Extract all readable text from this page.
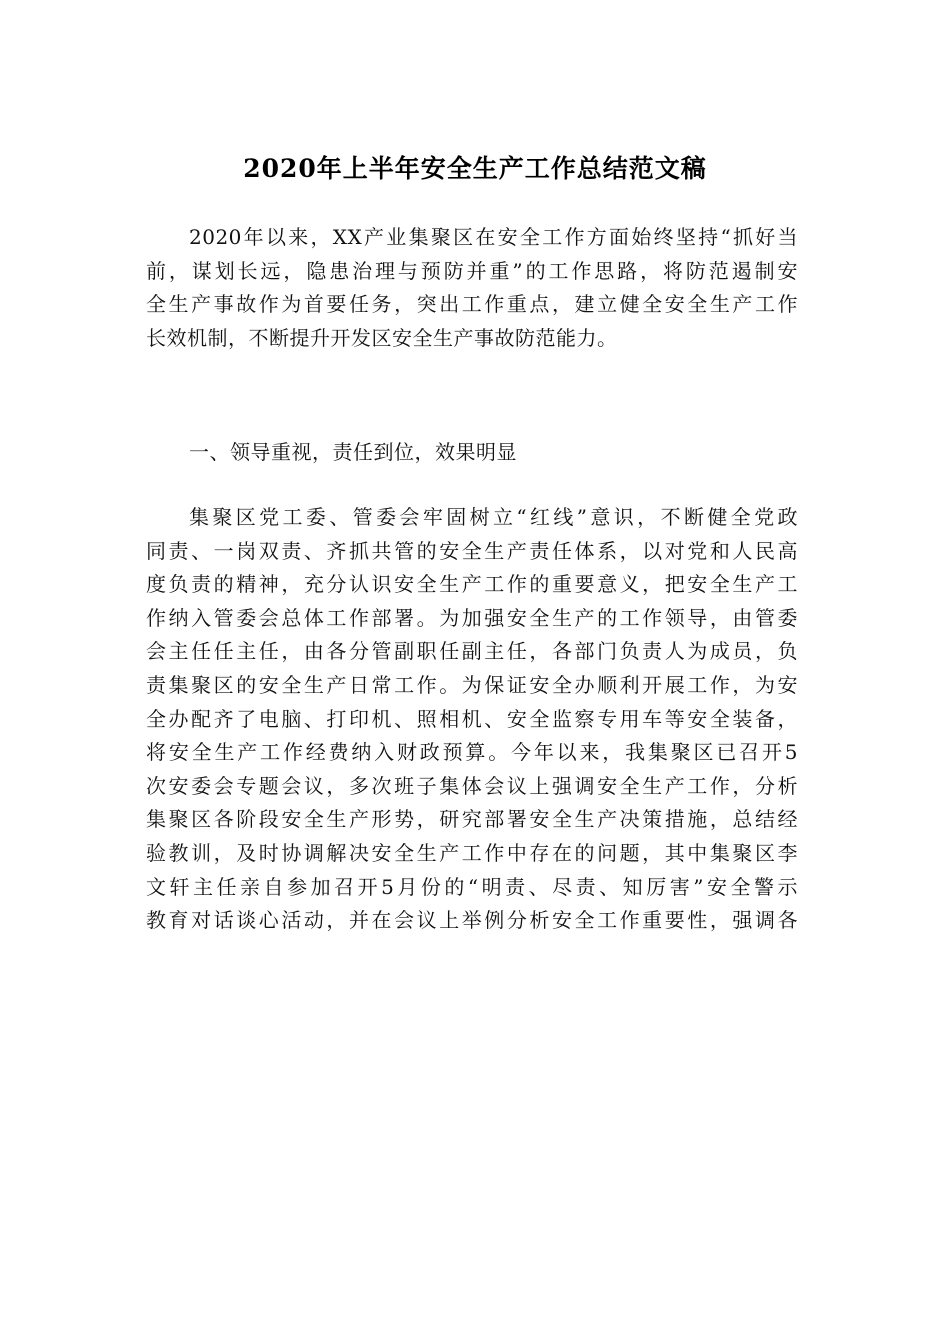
2020年上半年安全生产工作总结范文稿
2020年以来，XX产业集聚区在安全工作方面始终坚持“抓好当
前，谋划长远，隐患治理与预防并重”的工作思路，将防范遏制安
全生产事故作为首要任务，突出工作重点，建立健全安全生产工作
长效机制，不断提升开发区安全生产事故防范能力。
一、领导重视，责任到位，效果明显
集聚区党工委、管委会牢固树立“红线”意识，不断健全党政
同责、一岗双责、齐抓共管的安全生产责任体系，以对党和人民高
度负责的精神，充分认识安全生产工作的重要意义，把安全生产工
作纳入管委会总体工作部署。为加强安全生产的工作领导，由管委
会主任任主任，由各分管副职任副主任，各部门负责人为成员，负
责集聚区的安全生产日常工作。为保证安全办顺利开展工作，为安
全办配齐了电脑、打印机、照相机、安全监察专用车等安全装备，
将安全生产工作经费纳入财政预算。今年以来，我集聚区已召开5
次安委会专题会议，多次班子集体会议上强调安全生产工作，分析
集聚区各阶段安全生产形势，研究部署安全生产决策措施，总结经
验教训，及时协调解决安全生产工作中存在的问题，其中集聚区李
文轩主任亲自参加召开5月份的“明责、尽责、知厉害”安全警示
教育对话谈心活动，并在会议上举例分析安全工作重要性，强调各
